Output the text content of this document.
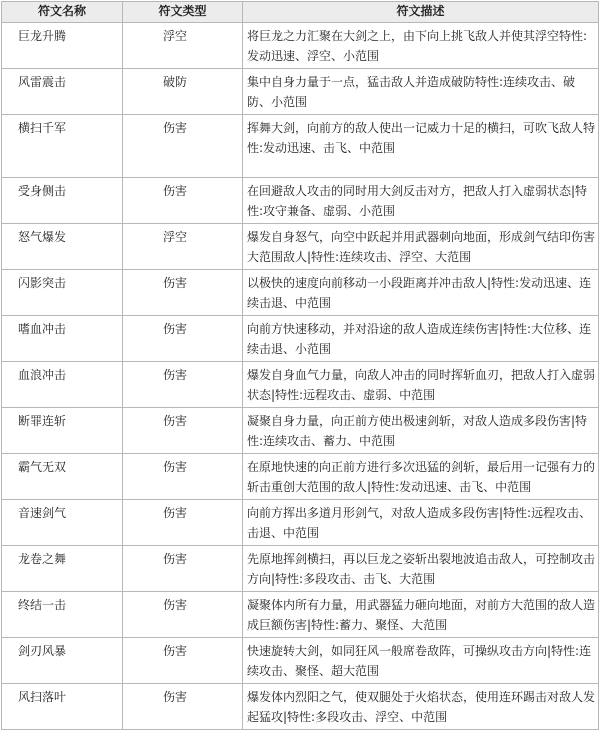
符文名称	符文类型	符文描述
巨龙升腾	浮空	将巨龙之力汇聚在大剑之上，由下向上挑飞敌人并使其浮空特性:发动迅速、浮空、小范围
风雷震击	破防	集中自身力量于一点，猛击敌人并造成破防特性:连续攻击、破防、小范围
横扫千军	伤害	挥舞大剑，向前方的敌人使出一记威力十足的横扫，可吹飞敌人特性:发动迅速、击飞、中范围
受身侧击	伤害	在回避敌人攻击的同时用大剑反击对方，把敌人打入虚弱状态|特性:攻守兼备、虚弱、小范围
怒气爆发	浮空	爆发自身怒气，向空中跃起并用武器刺向地面，形成剑气结印伤害大范围敌人|特性:连续攻击、浮空、大范围
闪影突击	伤害	以极快的速度向前移动一小段距离并冲击敌人|特性:发动迅速、连续击退、中范围
嗜血冲击	伤害	向前方快速移动，并对沿途的敌人造成连续伤害|特性:大位移、连续击退、小范围
血浪冲击	伤害	爆发自身血气力量，向敌人冲击的同时挥斩血刃，把敌人打入虚弱状态|特性:远程攻击、虚弱、中范围
断罪连斩	伤害	凝聚自身力量，向正前方使出极速剑斩，对敌人造成多段伤害|特性:连续攻击、蓄力、中范围
霸气无双	伤害	在原地快速的向正前方进行多次迅猛的剑斩，最后用一记强有力的斩击重创大范围的敌人|特性:发动迅速、击飞、中范围
音速剑气	伤害	向前方挥出多道月形剑气，对敌人造成多段伤害|特性:远程攻击、击退、中范围
龙卷之舞	伤害	先原地挥剑横扫，再以巨龙之姿斩出裂地波追击敌人，可控制攻击方向|特性:多段攻击、击飞、大范围
终结一击	伤害	凝聚体内所有力量，用武器猛力砸向地面，对前方大范围的敌人造成巨额伤害|特性:蓄力、聚怪、大范围
剑刃风暴	伤害	快速旋转大剑，如同狂风一般席卷敌阵，可操纵攻击方向|特性:连续攻击、聚怪、超大范围
风扫落叶	伤害	爆发体内烈阳之气，使双腿处于火焰状态，使用连环踢击对敌人发起猛攻|特性:多段攻击、浮空、中范围
